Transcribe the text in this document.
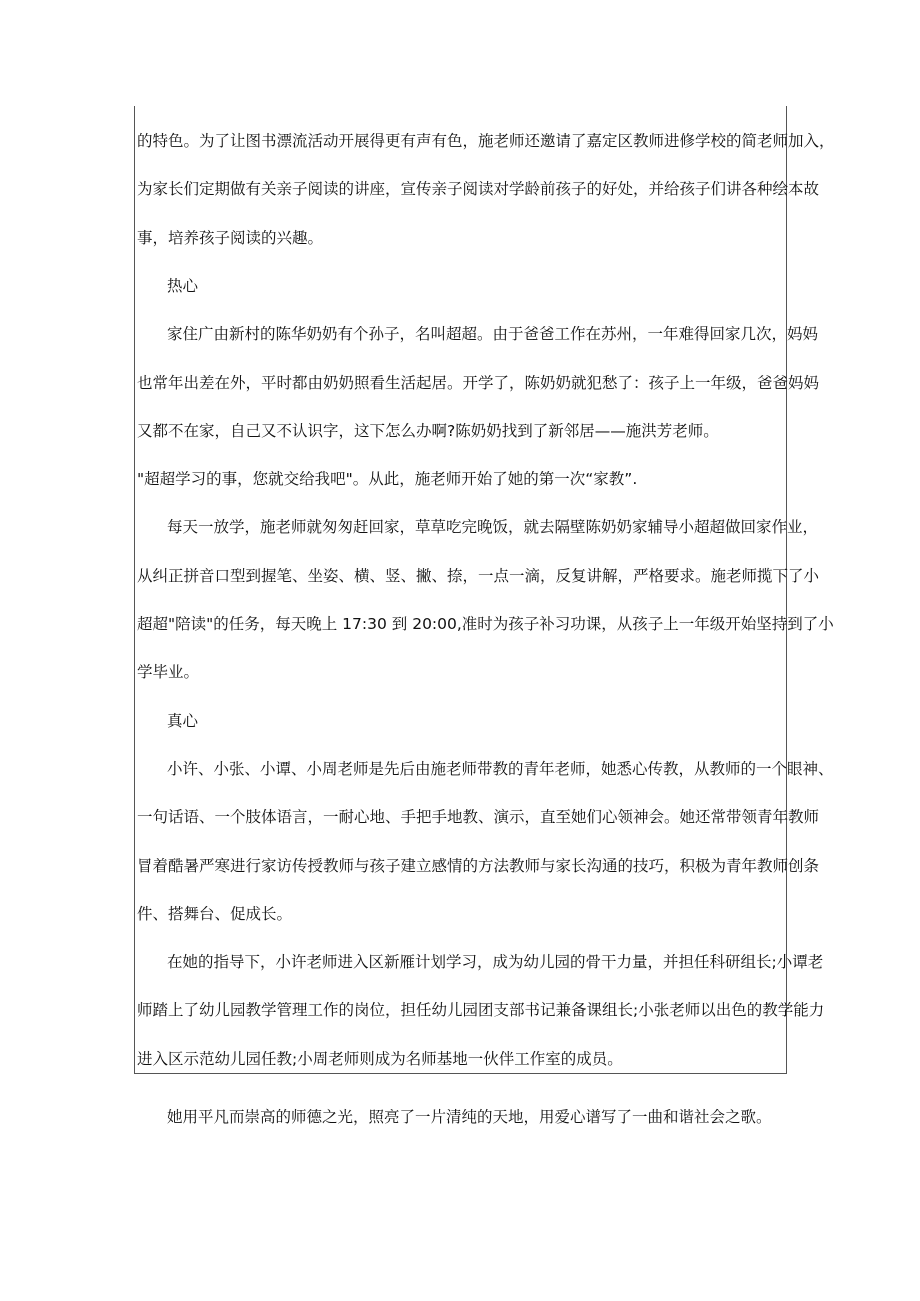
的特色。为了让图书漂流活动开展得更有声有色，施老师还邀请了嘉定区教师进修学校的简老师加入，
为家长们定期做有关亲子阅读的讲座，宣传亲子阅读对学龄前孩子的好处，并给孩子们讲各种绘本故
事，培养孩子阅读的兴趣。
热心
家住广由新村的陈华奶奶有个孙子，名叫超超。由于爸爸工作在苏州，一年难得回家几次，妈妈
也常年出差在外，平时都由奶奶照看生活起居。开学了，陈奶奶就犯愁了：孩子上一年级，爸爸妈妈
又都不在家，自己又不认识字，这下怎么办啊?陈奶奶找到了新邻居——施洪芳老师。
"超超学习的事，您就交给我吧"。从此，施老师开始了她的第一次“家教”.
每天一放学，施老师就匆匆赶回家，草草吃完晚饭，就去隔壁陈奶奶家辅导小超超做回家作业，
从纠正拼音口型到握笔、坐姿、横、竖、撇、捺，一点一滴，反复讲解，严格要求。施老师揽下了小
超超"陪读"的任务，每天晚上 17:30 到 20:00,准时为孩子补习功课，从孩子上一年级开始坚持到了小
学毕业。
真心
小许、小张、小谭、小周老师是先后由施老师带教的青年老师，她悉心传教，从教师的一个眼神、
一句话语、一个肢体语言，一耐心地、手把手地教、演示，直至她们心领神会。她还常带领青年教师
冒着酷暑严寒进行家访传授教师与孩子建立感情的方法教师与家长沟通的技巧，积极为青年教师创条
件、搭舞台、促成长。
在她的指导下，小许老师进入区新雁计划学习，成为幼儿园的骨干力量，并担任科研组长;小谭老
师踏上了幼儿园教学管理工作的岗位，担任幼儿园团支部书记兼备课组长;小张老师以出色的教学能力
进入区示范幼儿园任教;小周老师则成为名师基地一伙伴工作室的成员。
她用平凡而崇高的师德之光，照亮了一片清纯的天地，用爱心谱写了一曲和谐社会之歌。
